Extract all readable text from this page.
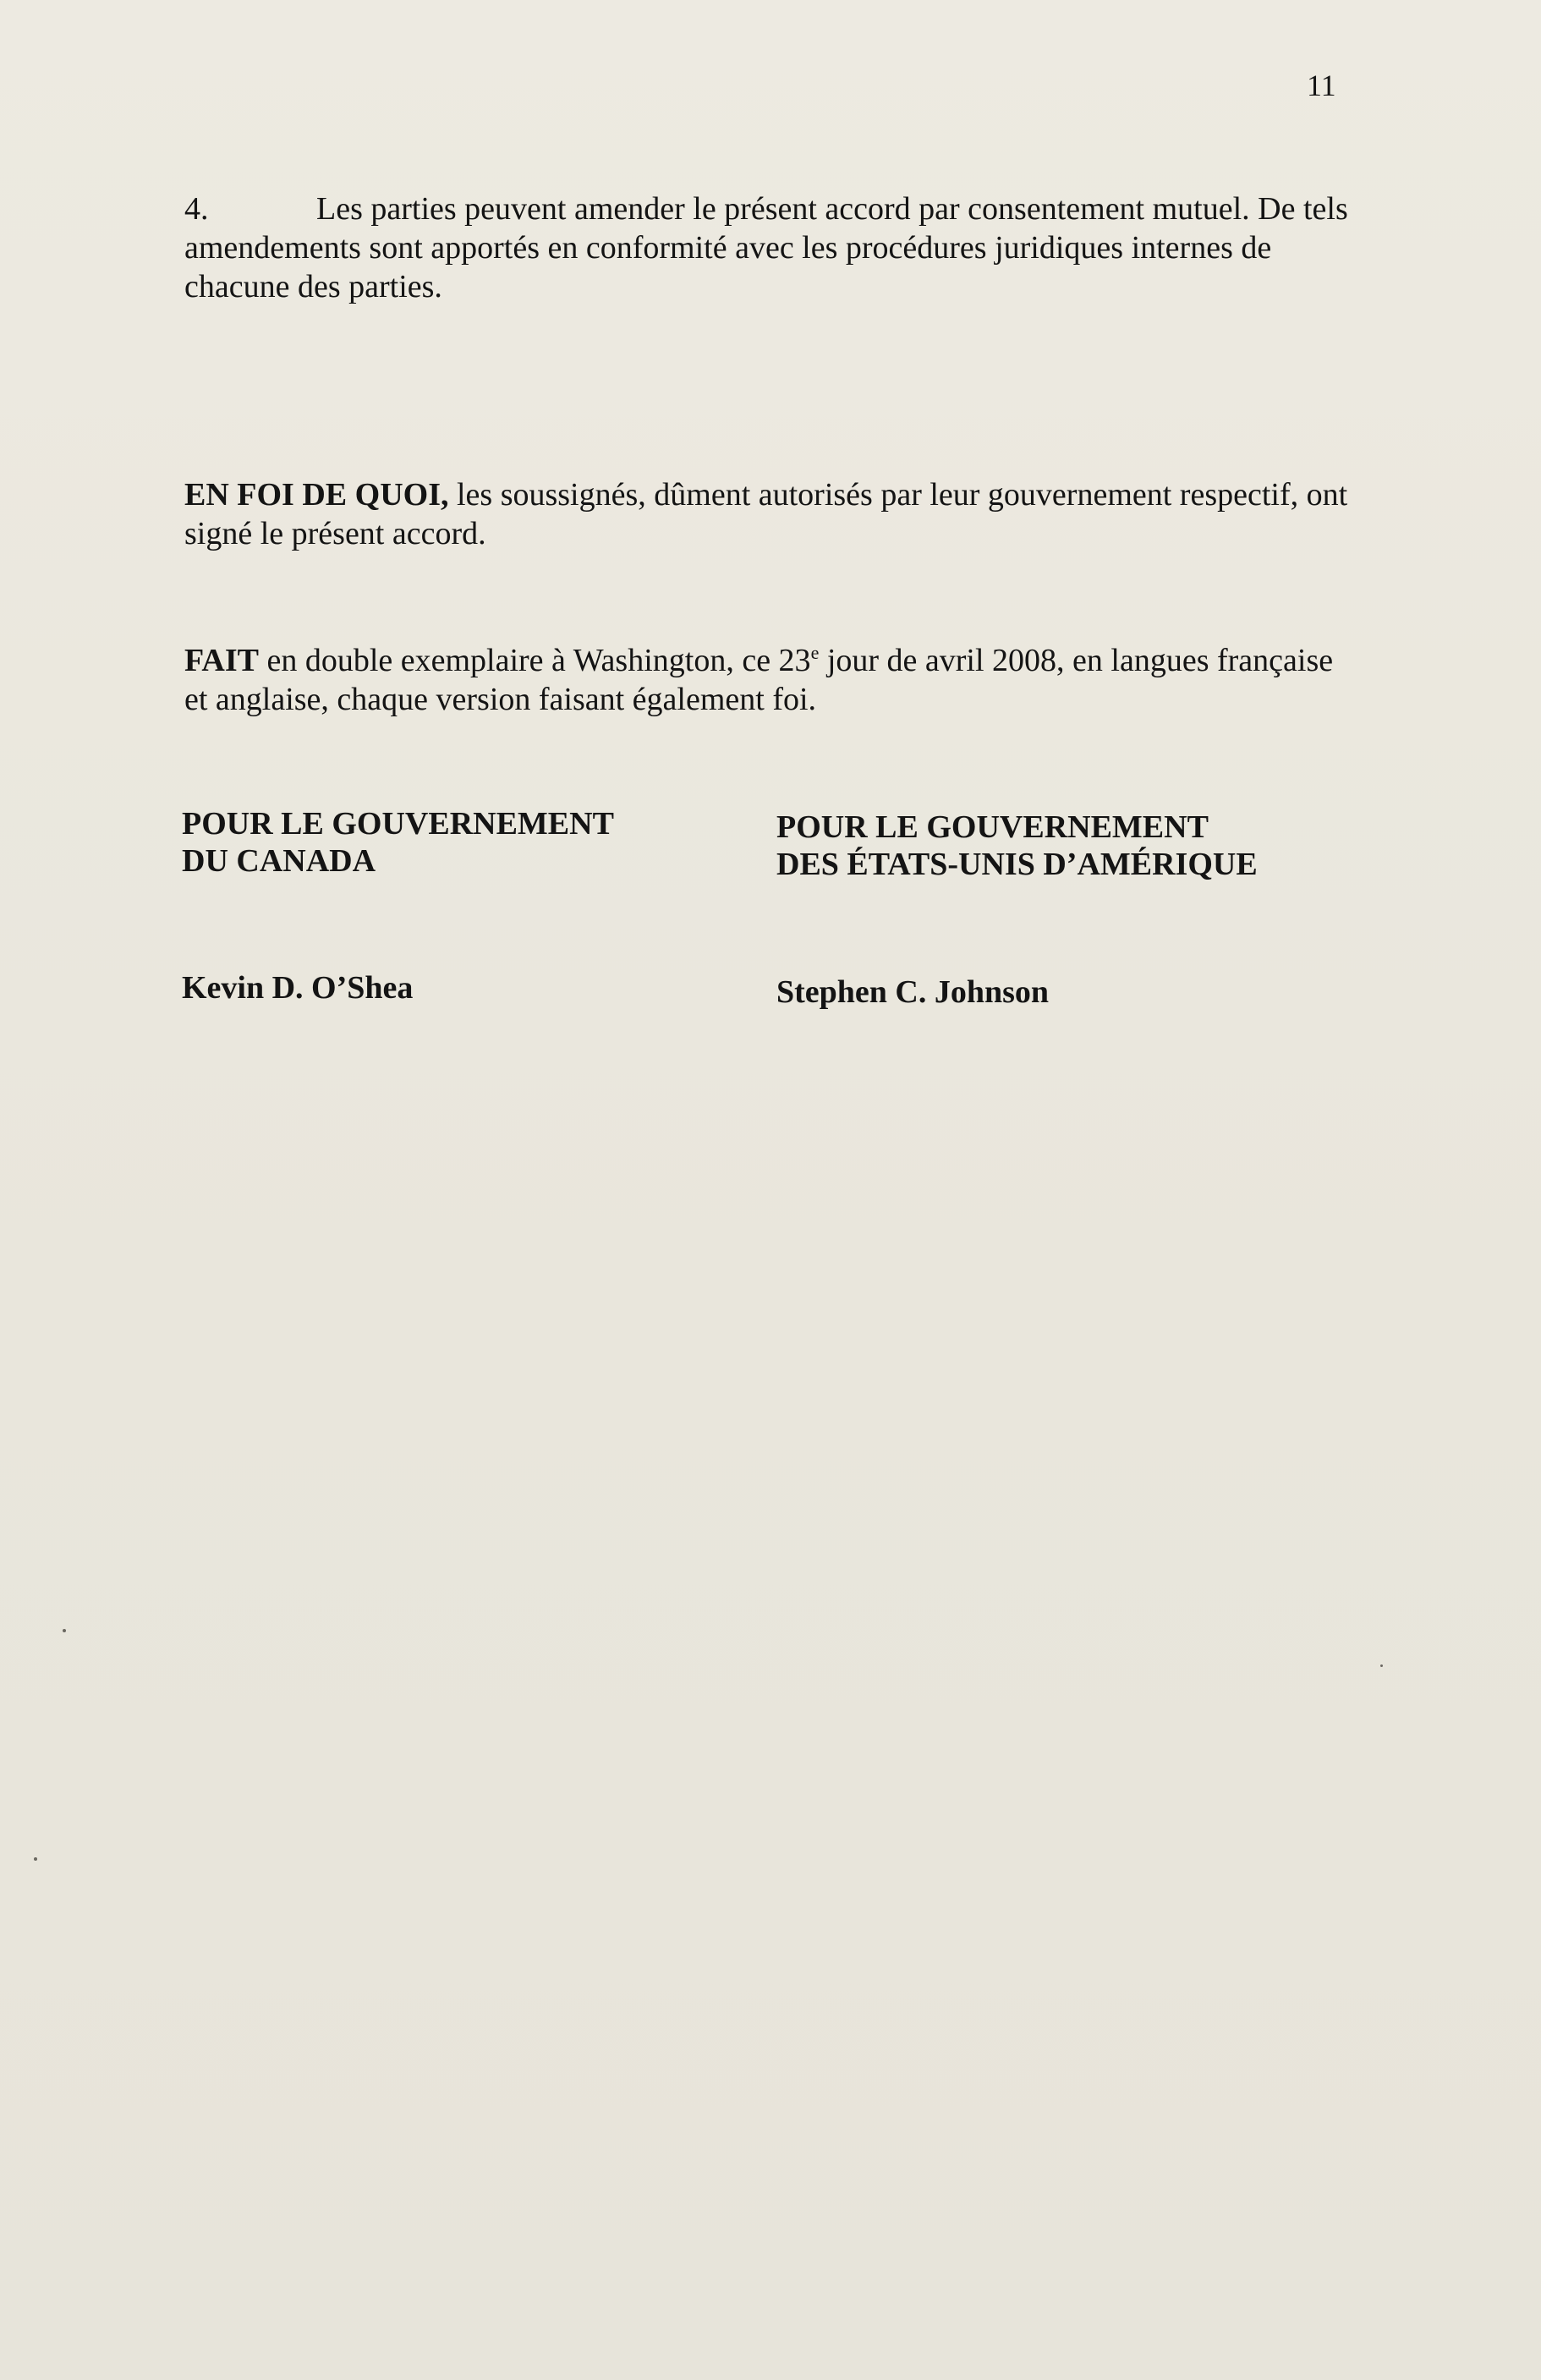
11

4.	Les parties peuvent amender le présent accord par consentement mutuel. De tels amendements sont apportés en conformité avec les procédures juridiques internes de chacune des parties.

EN FOI DE QUOI, les soussignés, dûment autorisés par leur gouvernement respectif, ont signé le présent accord.

FAIT en double exemplaire à Washington, ce 23e jour de avril 2008, en langues française et anglaise, chaque version faisant également foi.

POUR LE GOUVERNEMENT
DU CANADA
POUR LE GOUVERNEMENT
DES ÉTATS-UNIS D’AMÉRIQUE
Kevin D. O’Shea	Stephen C. Johnson
